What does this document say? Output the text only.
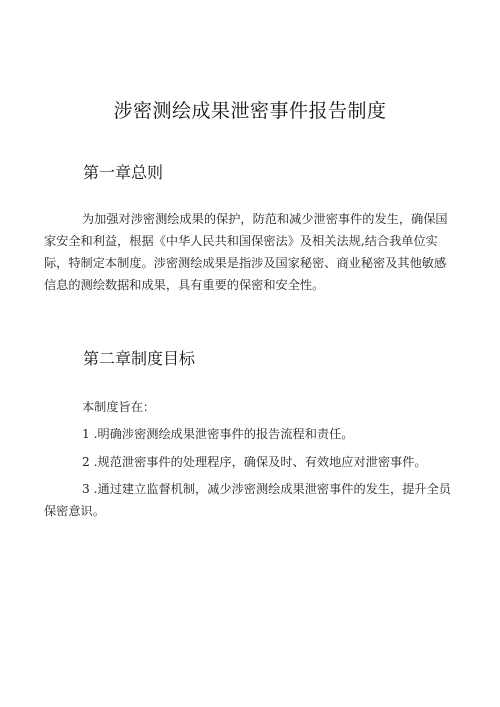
涉密测绘成果泄密事件报告制度
第一章总则

为加强对涉密测绘成果的保护，防范和减少泄密事件的发生，确保国家安全和利益，根据《中华人民共和国保密法》及相关法规,结合我单位实际，特制定本制度。涉密测绘成果是指涉及国家秘密、商业秘密及其他敏感信息的测绘数据和成果，具有重要的保密和安全性。

第二章制度目标

本制度旨在：

1 .明确涉密测绘成果泄密事件的报告流程和责任。

2 .规范泄密事件的处理程序，确保及时、有效地应对泄密事件。

3 .通过建立监督机制，减少涉密测绘成果泄密事件的发生，提升全员保密意识。
